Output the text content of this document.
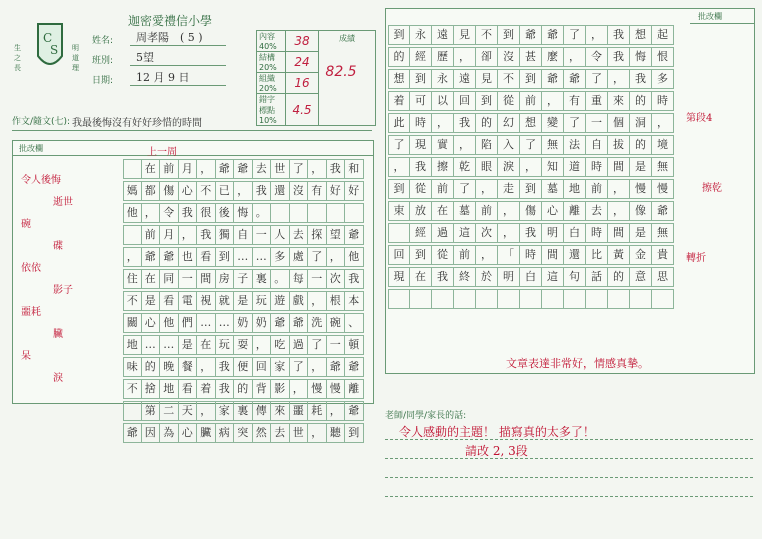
C
S
生
之
長
明
道
理
迦密愛禮信小學
姓名:	周孝陽　 ( 5 )
班別:	5望
日期:	12 月 9 日
內容 40%	38	成績
82.5

結構 20%	24	
組織 20%	16	
錯字 標點 10%	4.5	
作文/隨文(七): 我最後悔沒有好好珍惜的時間
批改欄

在 前 月 ， 爺 爺 去 世 了 ， 我 和
媽 都 傷 心 不 已 ， 我 還 沒 有 好 好
他 ， 令 我 很 後 悔 。

前 月 ， 我 獨 自 一 人 去 探 望 爺
， 爺 爺 也 看 到 … … 多 處 了 ， 他
住 在 同 一 間 房 子 裏 。 每 一 次 我
不 是 看 電 視 就 是 玩 遊 戲 ， 根 本
關 心 他 們 … … 奶 奶 爺 爺 洗 碗 、
地 … … 是 在 玩 耍 ， 吃 過 了 一 頓
味 的 晚 餐 ， 我 便 回 家 了 ， 爺 爺
不 捨 地 看 着 我 的 背 影 ， 慢 慢 離

第 二 天 ， 家 裏 傳 來 噩 耗 ， 爺
爺 因 為 心 臟 病 突 然 去 世 ， 聽 到
上一周
令人後悔
逝世
碗
碟
依依
影子
噩耗
臟
呆
淚
批改欄
到 永	遠	見	不	到	爺	爺	了	，	我	想	起
的 經	歷	，	卻	沒	甚	麼	，	令	我	悔	恨
想 到	永	遠	見	不	到	爺	爺	了	，	我	多
着 可	以	回	到	從	前	，	有	重	來	的	時
此 時	，	我	的	幻	想	變	了	一	個	洞	，
了 現	實	，	陷	入	了	無	法	自	拔	的	境
， 我	擦	乾	眼	淚	，	知	道	時	間	是	無
到 從	前	了	，	走	到	墓	地	前	，	慢	慢
束 放	在	墓	前	，	傷	心	離	去	，	像	爺

經	過	這	次	，	我	明	白	時	間	是	無
回 到	從	前	，	「	時	間	還	比	黃	金	貴
現 在	我	終	於	明	白	這	句	話	的	意	思
第段4
擦乾
轉折
文章表達非常好，情感真摯。
老師/同學/家長的話:
令人感動的主題！ 描寫真的太多了！
請改 2, 3段
